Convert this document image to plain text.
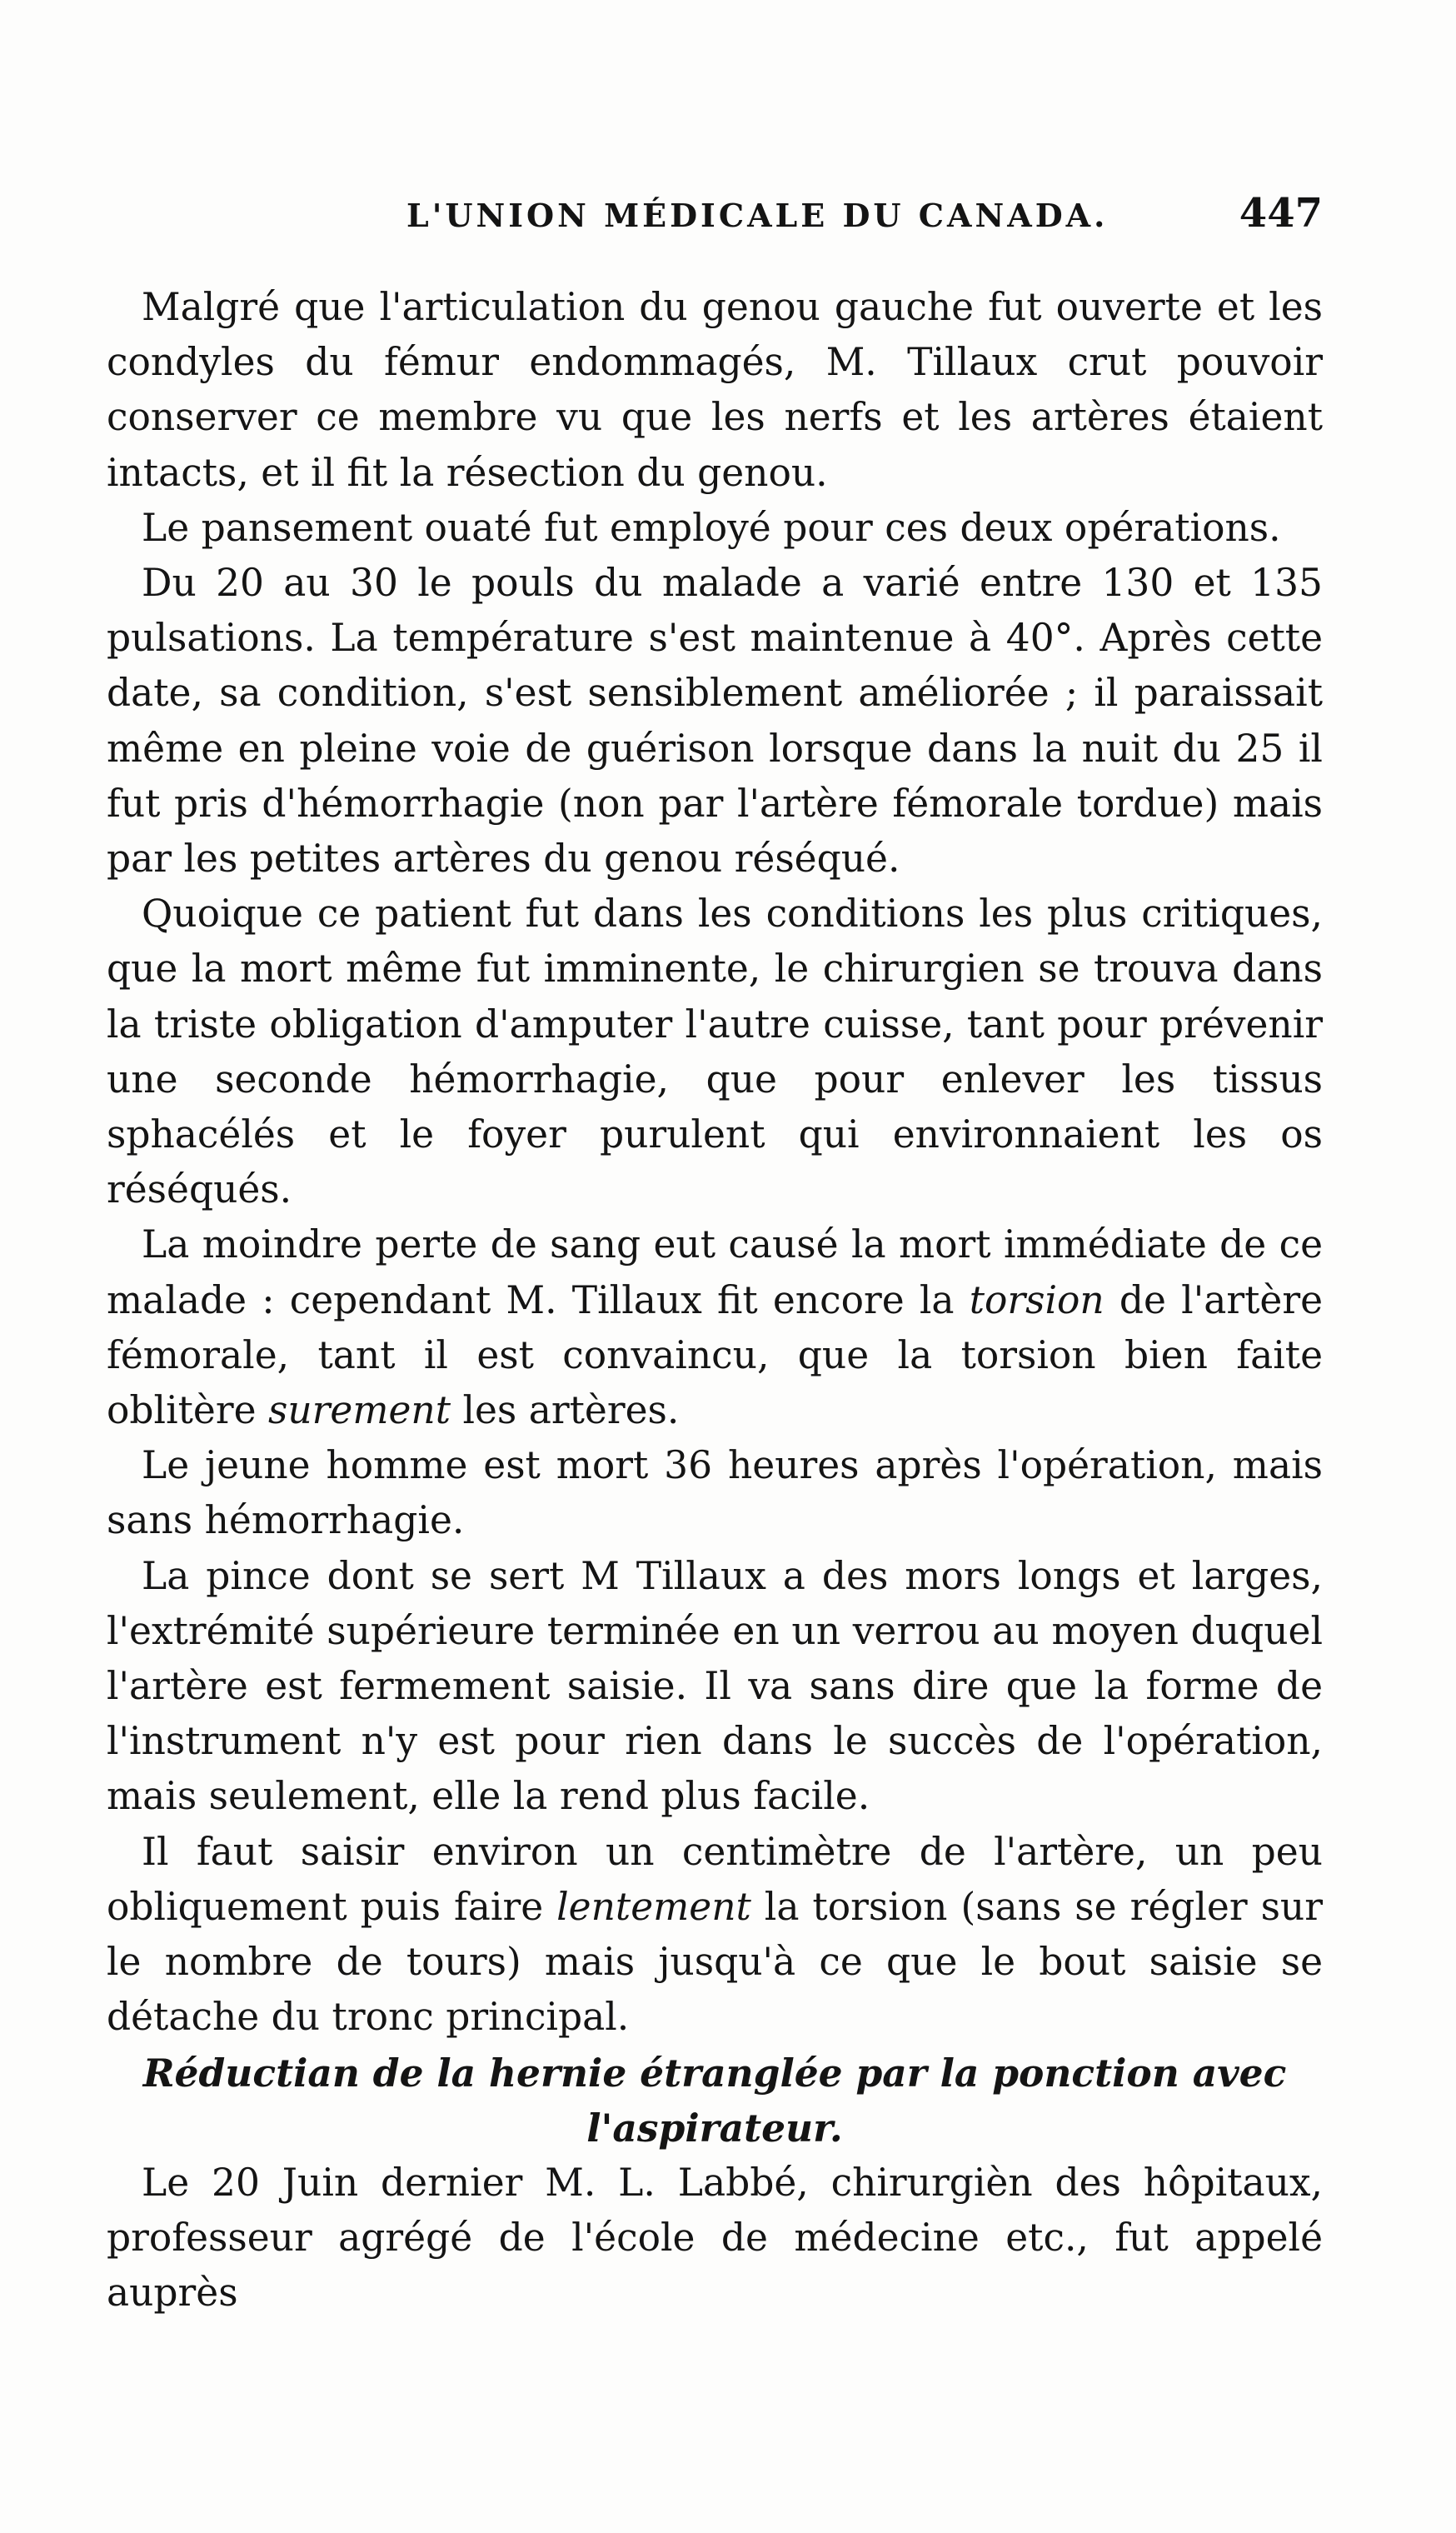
L'UNION MÉDICALE DU CANADA.	447

Malgré que l'articulation du genou gauche fut ouverte et les condyles du fémur endommagés, M. Tillaux crut pouvoir conserver ce membre vu que les nerfs et les artères étaient intacts, et il fit la résection du genou.

Le pansement ouaté fut employé pour ces deux opérations.

Du 20 au 30 le pouls du malade a varié entre 130 et 135 pulsations. La température s'est maintenue à 40°. Après cette date, sa condition, s'est sensiblement améliorée ; il paraissait même en pleine voie de guérison lorsque dans la nuit du 25 il fut pris d'hémorrhagie (non par l'artère fémorale tordue) mais par les petites artères du genou réséqué.

Quoique ce patient fut dans les conditions les plus critiques, que la mort même fut imminente, le chirurgien se trouva dans la triste obligation d'amputer l'autre cuisse, tant pour prévenir une seconde hémorrhagie, que pour enlever les tissus sphacélés et le foyer purulent qui environnaient les os réséqués.

La moindre perte de sang eut causé la mort immédiate de ce malade : cependant M. Tillaux fit encore la torsion de l'artère fémorale, tant il est convaincu, que la torsion bien faite oblitère surement les artères.

Le jeune homme est mort 36 heures après l'opération, mais sans hémorrhagie.

La pince dont se sert M Tillaux a des mors longs et larges, l'extrémité supérieure terminée en un verrou au moyen duquel l'artère est fermement saisie. Il va sans dire que la forme de l'instrument n'y est pour rien dans le succès de l'opération, mais seulement, elle la rend plus facile.

Il faut saisir environ un centimètre de l'artère, un peu obliquement puis faire lentement la torsion (sans se régler sur le nombre de tours) mais jusqu'à ce que le bout saisie se détache du tronc principal.

Réductian de la hernie étranglée par la ponction avec
l'aspirateur.

Le 20 Juin dernier M. L. Labbé, chirurgièn des hôpitaux, professeur agrégé de l'école de médecine etc., fut appelé auprès
